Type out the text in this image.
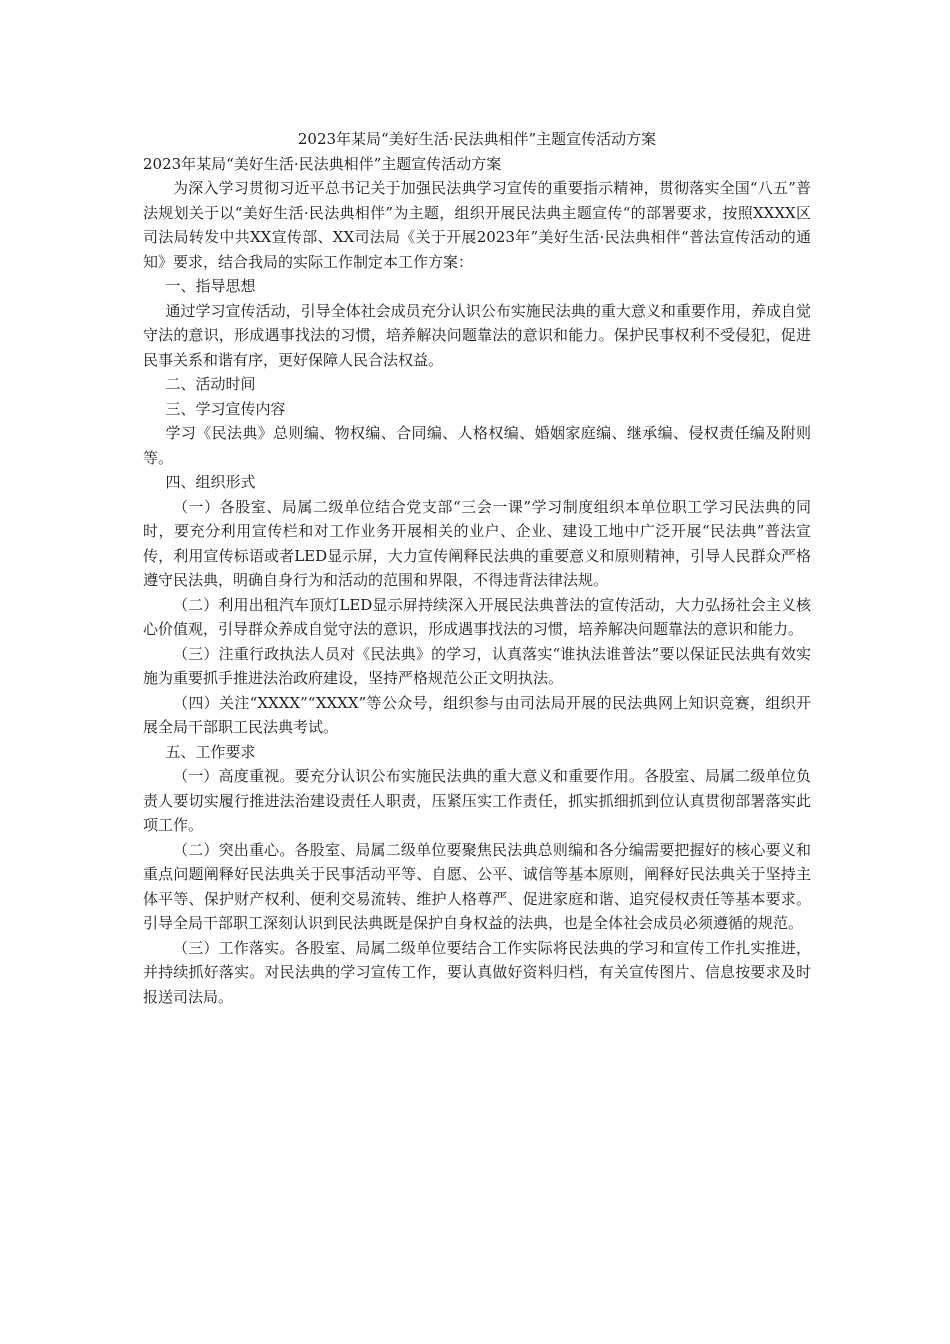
2023年某局“美好生活·民法典相伴”主题宣传活动方案

2023年某局“美好生活·民法典相伴”主题宣传活动方案

为深入学习贯彻习近平总书记关于加强民法典学习宣传的重要指示精神，贯彻落实全国“八五”普法规划关于以“美好生活·民法典相伴”为主题，组织开展民法典主题宣传“的部署要求，按照XXXX区司法局转发中共XX宣传部、XX司法局《关于开展2023年”美好生活·民法典相伴“普法宣传活动的通知》要求，结合我局的实际工作制定本工作方案：

一、指导思想

通过学习宣传活动，引导全体社会成员充分认识公布实施民法典的重大意义和重要作用，养成自觉守法的意识，形成遇事找法的习惯，培养解决问题靠法的意识和能力。保护民事权利不受侵犯，促进民事关系和谐有序，更好保障人民合法权益。

二、活动时间

三、学习宣传内容

学习《民法典》总则编、物权编、合同编、人格权编、婚姻家庭编、继承编、侵权责任编及附则等。

四、组织形式

（一）各股室、局属二级单位结合党支部“三会一课”学习制度组织本单位职工学习民法典的同时，要充分利用宣传栏和对工作业务开展相关的业户、企业、建设工地中广泛开展“民法典”普法宣传，利用宣传标语或者LED显示屏，大力宣传阐释民法典的重要意义和原则精神，引导人民群众严格遵守民法典，明确自身行为和活动的范围和界限，不得违背法律法规。

（二）利用出租汽车顶灯LED显示屏持续深入开展民法典普法的宣传活动，大力弘扬社会主义核心价值观，引导群众养成自觉守法的意识，形成遇事找法的习惯，培养解决问题靠法的意识和能力。

（三）注重行政执法人员对《民法典》的学习，认真落实“谁执法谁普法”要以保证民法典有效实施为重要抓手推进法治政府建设，坚持严格规范公正文明执法。

（四）关注“XXXX”“XXXX”等公众号，组织参与由司法局开展的民法典网上知识竞赛，组织开展全局干部职工民法典考试。

五、工作要求

（一）高度重视。要充分认识公布实施民法典的重大意义和重要作用。各股室、局属二级单位负责人要切实履行推进法治建设责任人职责，压紧压实工作责任，抓实抓细抓到位认真贯彻部署落实此项工作。

（二）突出重心。各股室、局属二级单位要聚焦民法典总则编和各分编需要把握好的核心要义和重点问题阐释好民法典关于民事活动平等、自愿、公平、诚信等基本原则，阐释好民法典关于坚持主体平等、保护财产权利、便利交易流转、维护人格尊严、促进家庭和谐、追究侵权责任等基本要求。引导全局干部职工深刻认识到民法典既是保护自身权益的法典，也是全体社会成员必须遵循的规范。

（三）工作落实。各股室、局属二级单位要结合工作实际将民法典的学习和宣传工作扎实推进，并持续抓好落实。对民法典的学习宣传工作，要认真做好资料归档，有关宣传图片、信息按要求及时报送司法局。
